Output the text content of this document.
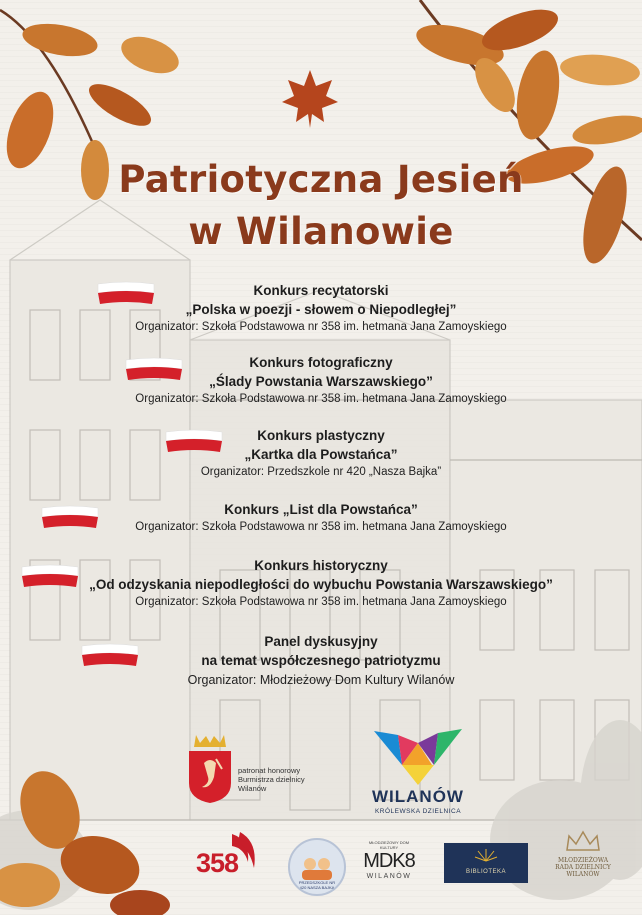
Patriotyczna Jesień
w Wilanowie
Konkurs recytatorski
„Polska w poezji - słowem o Niepodległej”
Organizator: Szkoła Podstawowa nr 358 im. hetmana Jana Zamoyskiego
Konkurs fotograficzny
„Ślady Powstania Warszawskiego”
Organizator: Szkoła Podstawowa nr 358 im. hetmana Jana Zamoyskiego
Konkurs plastyczny
„Kartka dla Powstańca”
Organizator: Przedszkole nr 420 „Nasza Bajka”
Konkurs „List dla Powstańca”
Organizator: Szkoła Podstawowa nr 358 im. hetmana Jana Zamoyskiego
Konkurs historyczny
„Od odzyskania niepodległości do wybuchu Powstania Warszawskiego”
Organizator: Szkoła Podstawowa nr 358 im. hetmana Jana Zamoyskiego
Panel dyskusyjny
na temat współczesnego patriotyzmu
Organizator: Młodzieżowy Dom Kultury Wilanów
patronat honorowy
Burmistrza dzielnicy
Wilanów	WILANÓW
KRÓLEWSKA DZIELNICA
358
PRZEDSZKOLE NR 420 NASZA BAJKA
MŁODZIEŻOWY DOM KULTURY
MDK8
WILANÓW
BIBLIOTEKA
MŁODZIEŻOWA
RADA DZIELNICY
WILANÓW
